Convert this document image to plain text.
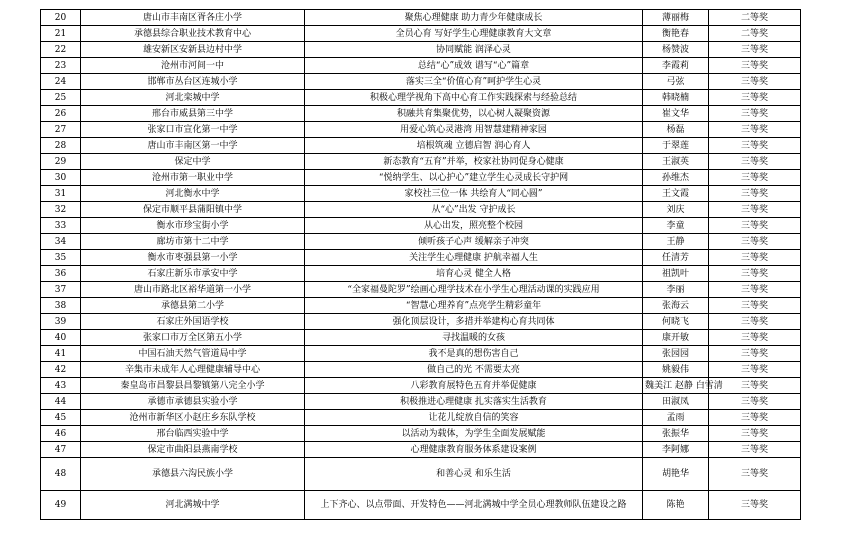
20	唐山市丰南区胥各庄小学	聚焦心理健康 助力青少年健康成长	薄丽梅	二等奖
21	承德县综合职业技术教育中心	全员心育 写好学生心理健康教育大文章	衡艳春	二等奖
22	雄安新区安新县边村中学	协同赋能 润泽心灵	杨赞波	三等奖
23	沧州市河间一中	总结“心”成效 谱写“心”篇章	李霞莉	三等奖
24	邯郸市丛台区连城小学	落实三全“价值心育”呵护学生心灵	弓弦	三等奖
25	河北栾城中学	积极心理学视角下高中心育工作实践探索与经验总结	韩晓楠	三等奖
26	邢台市威县第三中学	积融共育集聚优势，以心树人凝聚资源	崔文华	三等奖
27	张家口市宣化第一中学	用爱心筑心灵港湾 用智慧建精神家园	杨磊	三等奖
28	唐山市丰南区第一中学	培根筑魂 立德启智 润心育人	于翠莲	三等奖
29	保定中学	新态教育“五育”并举，校家社协同促身心健康	王淑英	三等奖
30	沧州市第一职业中学	“悦纳学生、以心护心”建立学生心灵成长守护网	孙维杰	三等奖
31	河北衡水中学	家校社三位一体 共绘育人“同心圆”	王文霞	三等奖
32	保定市顺平县蒲阳镇中学	从“心”出发 守护成长	刘庆	三等奖
33	衡水市珍宝街小学	从心出发，照亮整个校园	李童	三等奖
34	廊坊市第十二中学	倾听孩子心声 缓解亲子冲突	王静	三等奖
35	衡水市枣强县第一小学	关注学生心理健康 护航幸福人生	任清芳	三等奖
36	石家庄新乐市承安中学	培育心灵 健全人格	祖凯叶	三等奖
37	唐山市路北区裕华道第一小学	“全家福曼陀罗”绘画心理学技术在小学生心理活动课的实践应用	李丽	三等奖
38	承德县第二小学	“智慧心理养育”点亮学生精彩童年	张海云	三等奖
39	石家庄外国语学校	强化顶层设计，多措并举建构心育共同体	何晓飞	三等奖
40	张家口市万全区第五小学	寻找温暖的女孩	康开敏	三等奖
41	中国石油天然气管道局中学	我不是真的想伤害自己	张园园	三等奖
42	辛集市未成年人心理健康辅导中心	做自己的光 不需要太亮	姚毅伟	三等奖
43	秦皇岛市昌黎县昌黎镇第八完全小学	八彩教育展特色五育并举促健康	魏美江 赵静 白雪清	三等奖
44	承德市承德县实验小学	积极推进心理健康 扎实落实生活教育	田淑凤	三等奖
45	沧州市新华区小赵庄乡东队学校	让花儿绽放自信的笑容	孟雨	三等奖
46	邢台临西实验中学	以活动为载体，为学生全面发展赋能	张振华	三等奖
47	保定市曲阳县燕南学校	心理健康教育服务体系建设案例	李阿娜	三等奖
48	承德县六沟民族小学	和善心灵 和乐生活	胡艳华	三等奖
49	河北满城中学	上下齐心、以点带面、开发特色——河北满城中学全员心理教师队伍建设之路	陈艳	三等奖
